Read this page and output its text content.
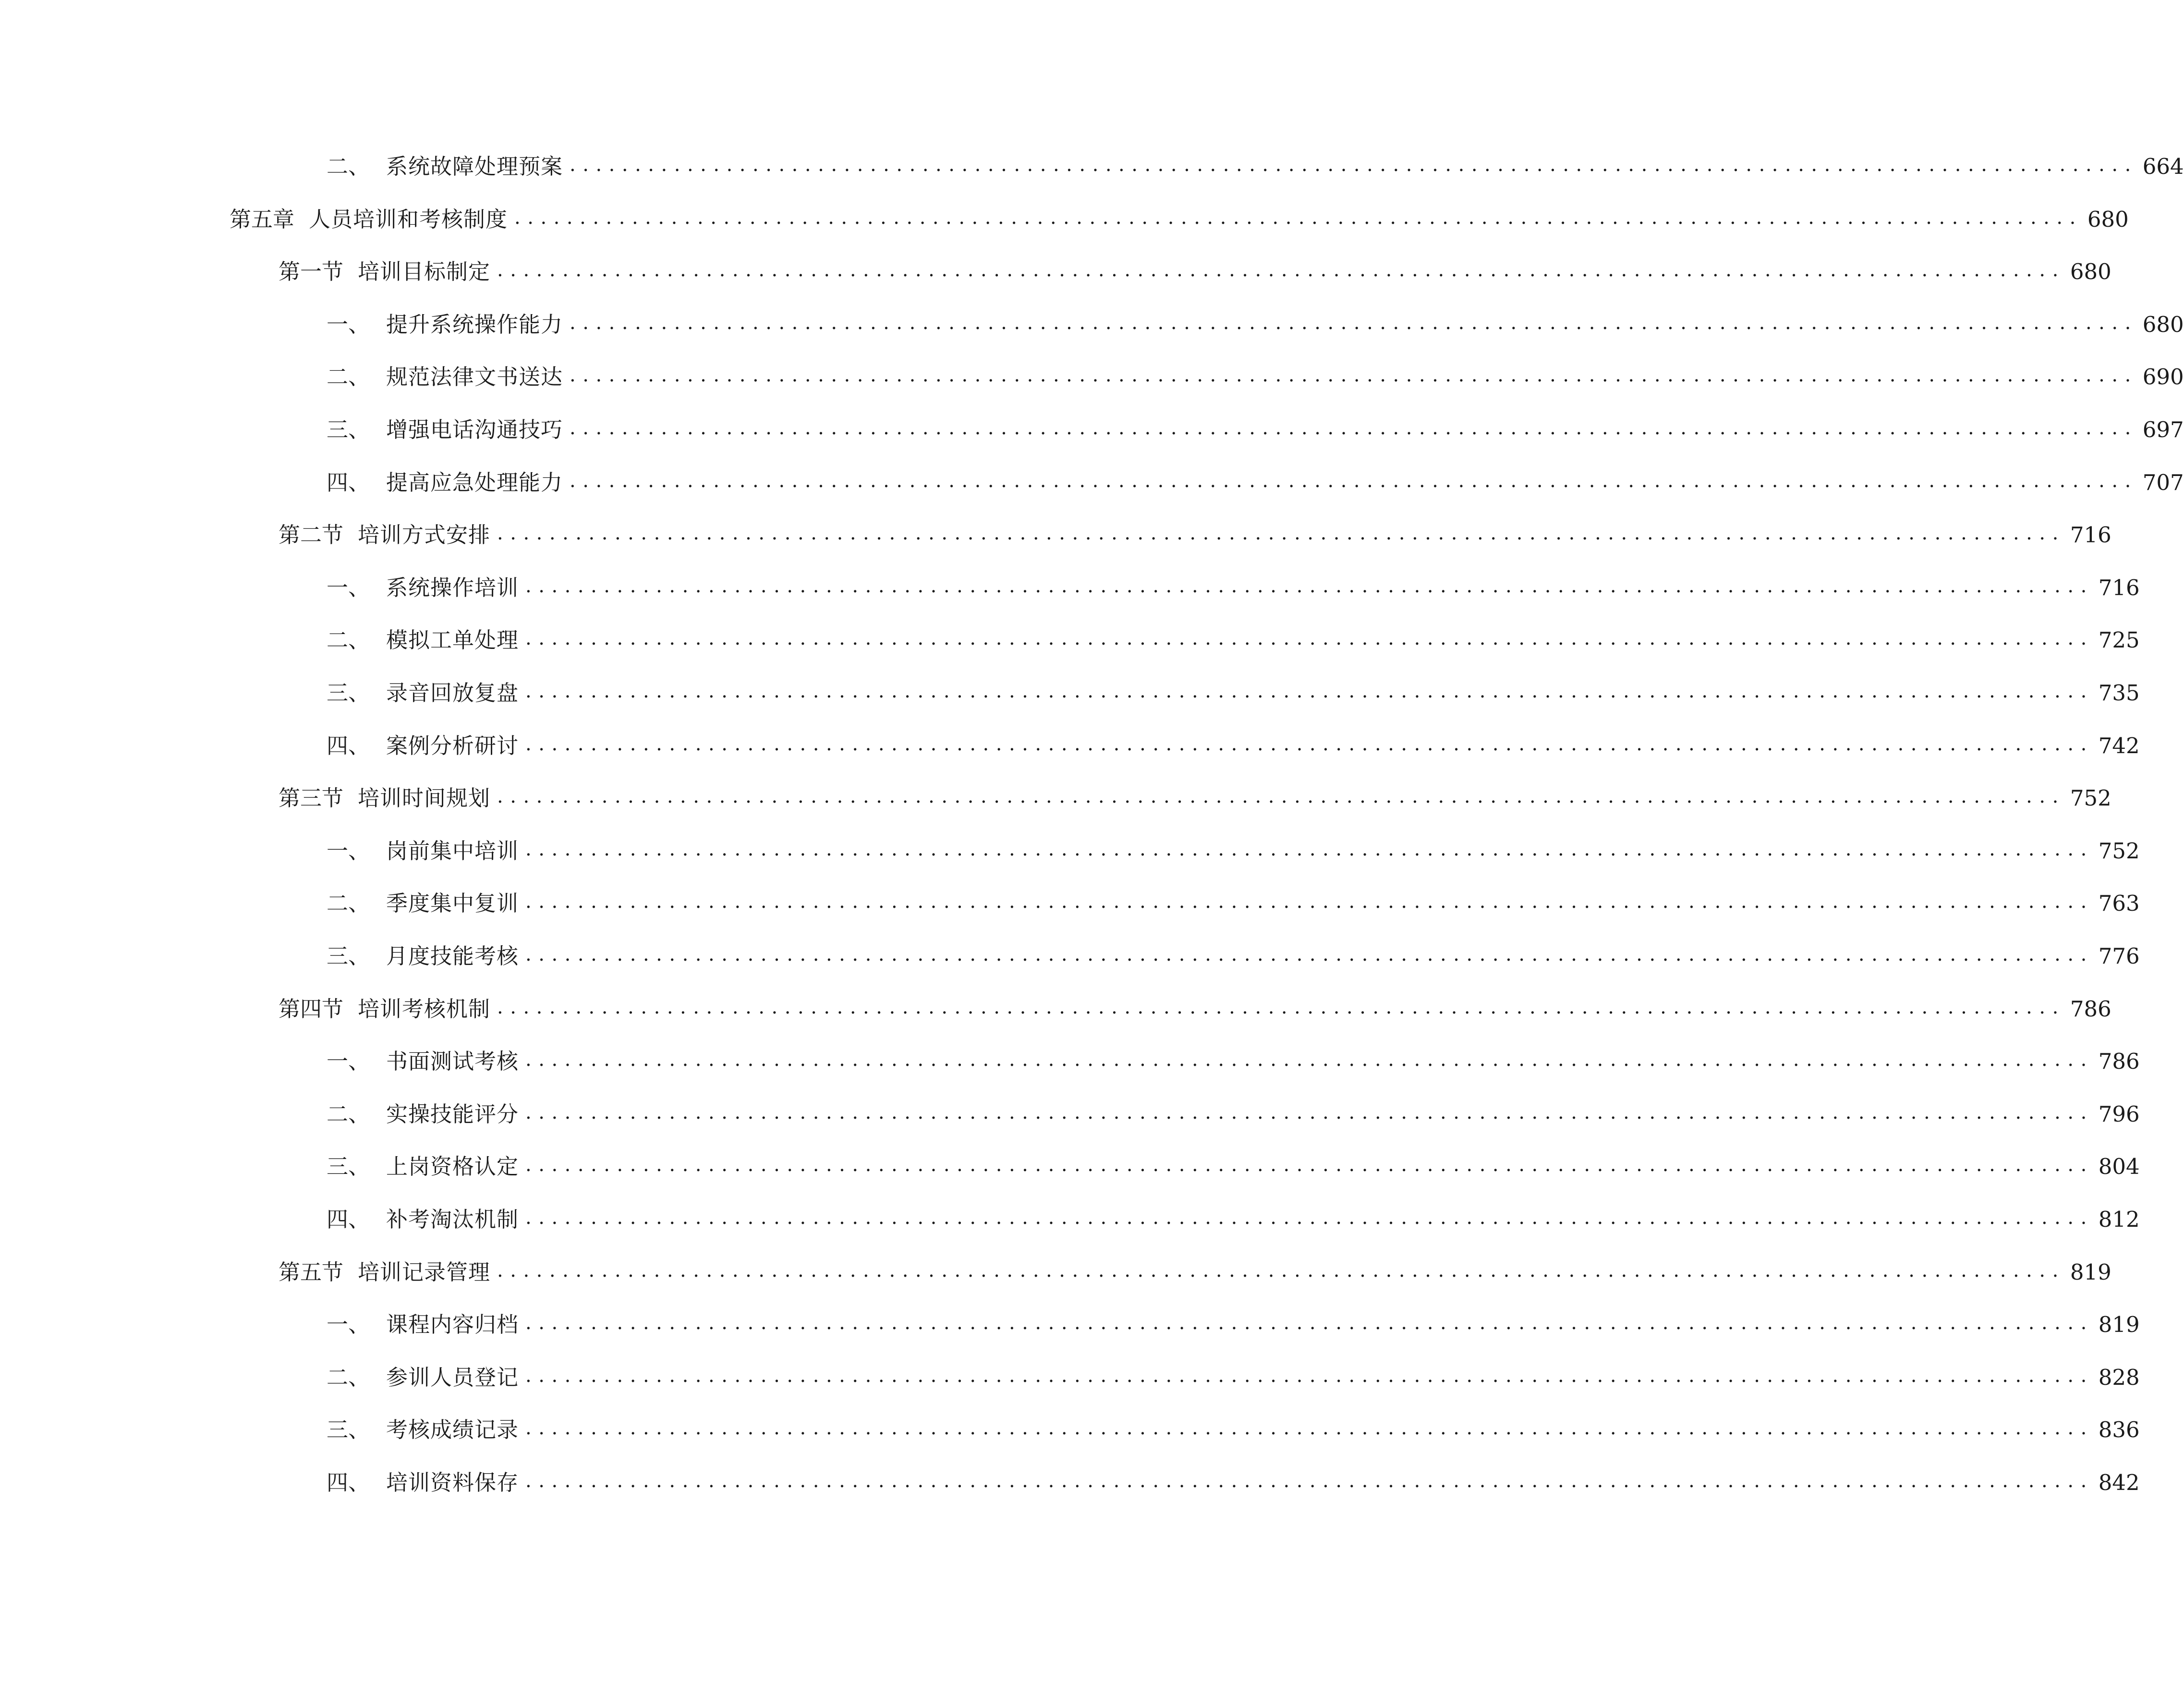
二、 系统故障处理预案 ........................................................................................................................ 664
第五章 人员培训和考核制度 ........................................................................................................................ 680
第一节 培训目标制定 ........................................................................................................................ 680
一、 提升系统操作能力 ........................................................................................................................ 680
二、 规范法律文书送达 ........................................................................................................................ 690
三、 增强电话沟通技巧 ........................................................................................................................ 697
四、 提高应急处理能力 ........................................................................................................................ 707
第二节 培训方式安排 ........................................................................................................................ 716
一、 系统操作培训 ........................................................................................................................ 716
二、 模拟工单处理 ........................................................................................................................ 725
三、 录音回放复盘 ........................................................................................................................ 735
四、 案例分析研讨 ........................................................................................................................ 742
第三节 培训时间规划 ........................................................................................................................ 752
一、 岗前集中培训 ........................................................................................................................ 752
二、 季度集中复训 ........................................................................................................................ 763
三、 月度技能考核 ........................................................................................................................ 776
第四节 培训考核机制 ........................................................................................................................ 786
一、 书面测试考核 ........................................................................................................................ 786
二、 实操技能评分 ........................................................................................................................ 796
三、 上岗资格认定 ........................................................................................................................ 804
四、 补考淘汰机制 ........................................................................................................................ 812
第五节 培训记录管理 ........................................................................................................................ 819
一、 课程内容归档 ........................................................................................................................ 819
二、 参训人员登记 ........................................................................................................................ 828
三、 考核成绩记录 ........................................................................................................................ 836
四、 培训资料保存 ........................................................................................................................ 842
